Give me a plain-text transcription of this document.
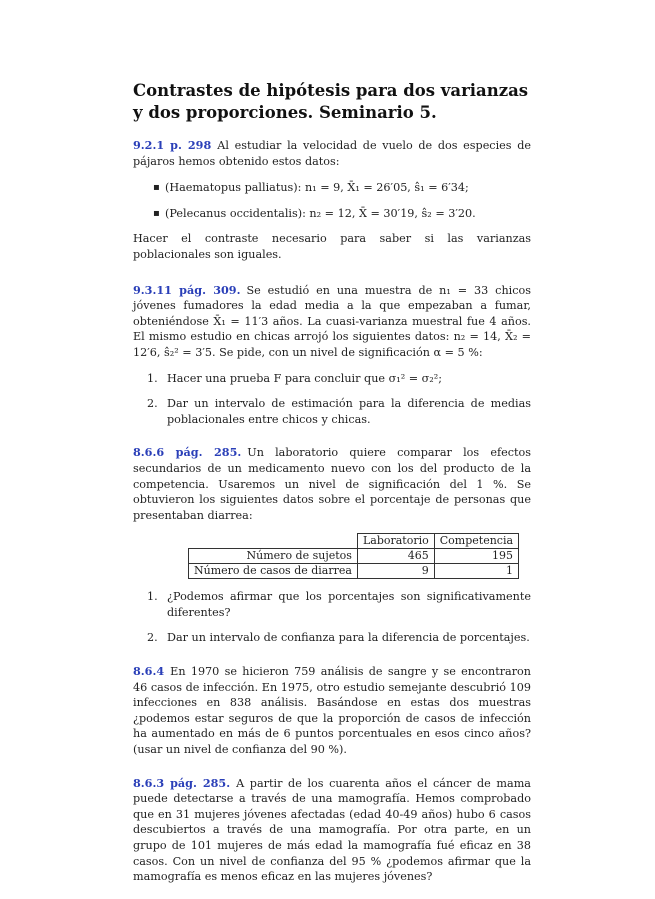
Contrastes de hipótesis para dos varianzas y dos proporciones. Seminario 5.

9.2.1 p. 298 Al estudiar la velocidad de vuelo de dos especies de pájaros hemos obtenido estos datos:

▪ (Haematopus palliatus): n₁ = 9, X̄₁ = 26′05, ŝ₁ = 6′34;
▪ (Pelecanus occidentalis): n₂ = 12, X̄ = 30′19, ŝ₂ = 3′20.

Hacer el contraste necesario para saber si las varianzas poblacionales son iguales.

9.3.11 pág. 309. Se estudió en una muestra de n₁ = 33 chicos jóvenes fumadores la edad media a la que empezaban a fumar, obteniéndose X̄₁ = 11′3 años. La cuasi-varianza muestral fue 4 años. El mismo estudio en chicas arrojó los siguientes datos: n₂ = 14, X̄₂ = 12′6, ŝ₂² = 3′5. Se pide, con un nivel de significación α = 5 %:

1. Hacer una prueba F para concluir que σ₁² = σ₂²;
2. Dar un intervalo de estimación para la diferencia de medias poblacionales entre chicos y chicas.

8.6.6 pág. 285. Un laboratorio quiere comparar los efectos secundarios de un medicamento nuevo con los del producto de la competencia. Usaremos un nivel de significación del 1 %. Se obtuvieron los siguientes datos sobre el porcentaje de personas que presentaban diarrea:

	Laboratorio	Competencia
Número de sujetos	465	195
Número de casos de diarrea	9	1
1. ¿Podemos afirmar que los porcentajes son significativamente diferentes?
2. Dar un intervalo de confianza para la diferencia de porcentajes.

8.6.4 En 1970 se hicieron 759 análisis de sangre y se encontraron 46 casos de infección. En 1975, otro estudio semejante descubrió 109 infecciones en 838 análisis. Basándose en estas dos muestras ¿podemos estar seguros de que la proporción de casos de infección ha aumentado en más de 6 puntos porcentuales en esos cinco años? (usar un nivel de confianza del 90 %).

8.6.3 pág. 285. A partir de los cuarenta años el cáncer de mama puede detectarse a través de una mamografía. Hemos comprobado que en 31 mujeres jóvenes afectadas (edad 40-49 años) hubo 6 casos descubiertos a través de una mamografía. Por otra parte, en un grupo de 101 mujeres de más edad la mamografía fué eficaz en 38 casos. Con un nivel de confianza del 95 % ¿podemos afirmar que la mamografía es menos eficaz en las mujeres jóvenes?
